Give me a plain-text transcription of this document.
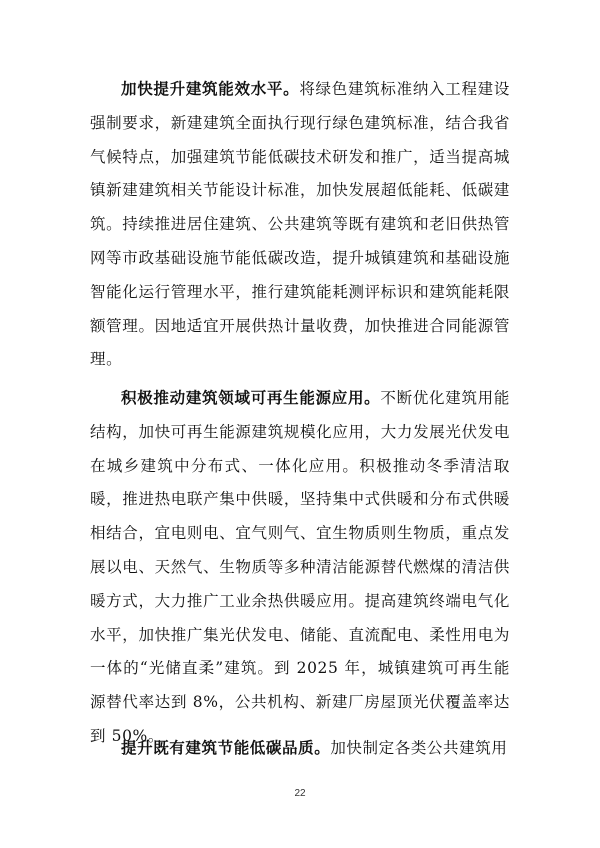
加快提升建筑能效水平。将绿色建筑标准纳入工程建设强制要求，新建建筑全面执行现行绿色建筑标准，结合我省气候特点，加强建筑节能低碳技术研发和推广，适当提高城镇新建建筑相关节能设计标准，加快发展超低能耗、低碳建筑。持续推进居住建筑、公共建筑等既有建筑和老旧供热管网等市政基础设施节能低碳改造，提升城镇建筑和基础设施智能化运行管理水平，推行建筑能耗测评标识和建筑能耗限额管理。因地适宜开展供热计量收费，加快推进合同能源管理。

积极推动建筑领域可再生能源应用。不断优化建筑用能结构，加快可再生能源建筑规模化应用，大力发展光伏发电在城乡建筑中分布式、一体化应用。积极推动冬季清洁取暖，推进热电联产集中供暖，坚持集中式供暖和分布式供暖相结合，宜电则电、宜气则气、宜生物质则生物质，重点发展以电、天然气、生物质等多种清洁能源替代燃煤的清洁供暖方式，大力推广工业余热供暖应用。提高建筑终端电气化水平，加快推广集光伏发电、储能、直流配电、柔性用电为一体的“光储直柔”建筑。到 2025 年，城镇建筑可再生能源替代率达到 8%，公共机构、新建厂房屋顶光伏覆盖率达到 50%。

提升既有建筑节能低碳品质。加快制定各类公共建筑用

22
